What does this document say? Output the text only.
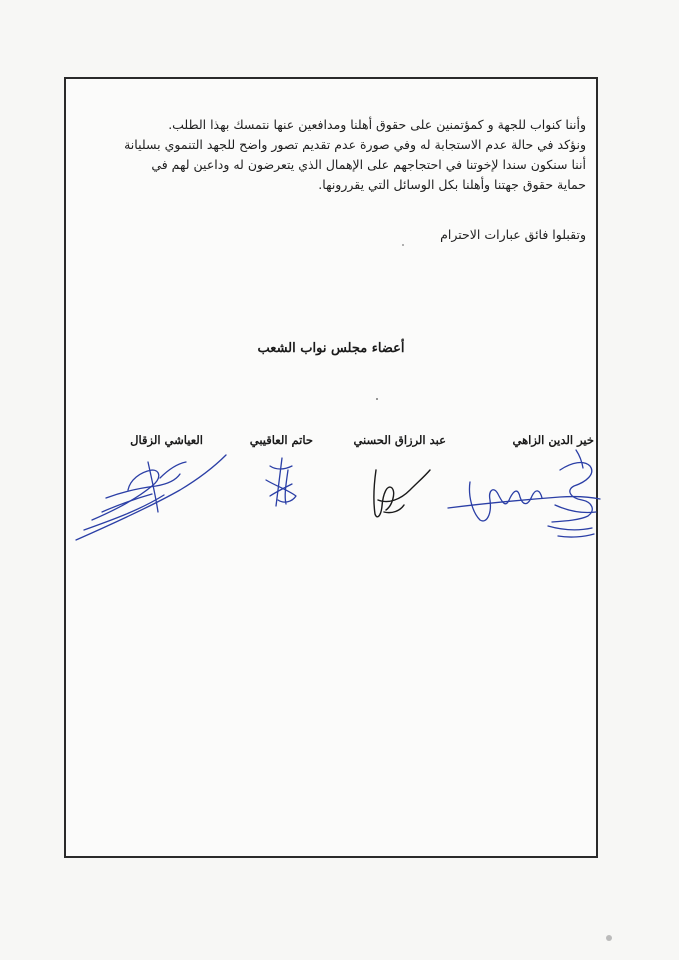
وأننا كنواب للجهة و كمؤتمنين على حقوق أهلنا ومدافعين عنها نتمسك بهذا الطلب.

ونؤكد في حالة عدم الاستجابة له وفي صورة عدم تقديم تصور واضح للجهد التنموي بسليانة

أننا سنكون سندا لإخوتنا في احتجاجهم على الإهمال الذي يتعرضون له وداعين لهم في

حماية حقوق جهتنا وأهلنا بكل الوسائل التي يقررونها.

وتقبلوا فائق عبارات الاحترام
أعضاء مجلس نواب الشعب
خير الدين الزاهي
عبد الرزاق الحسني
حاتم العاقيبي
العياشي الزقال
